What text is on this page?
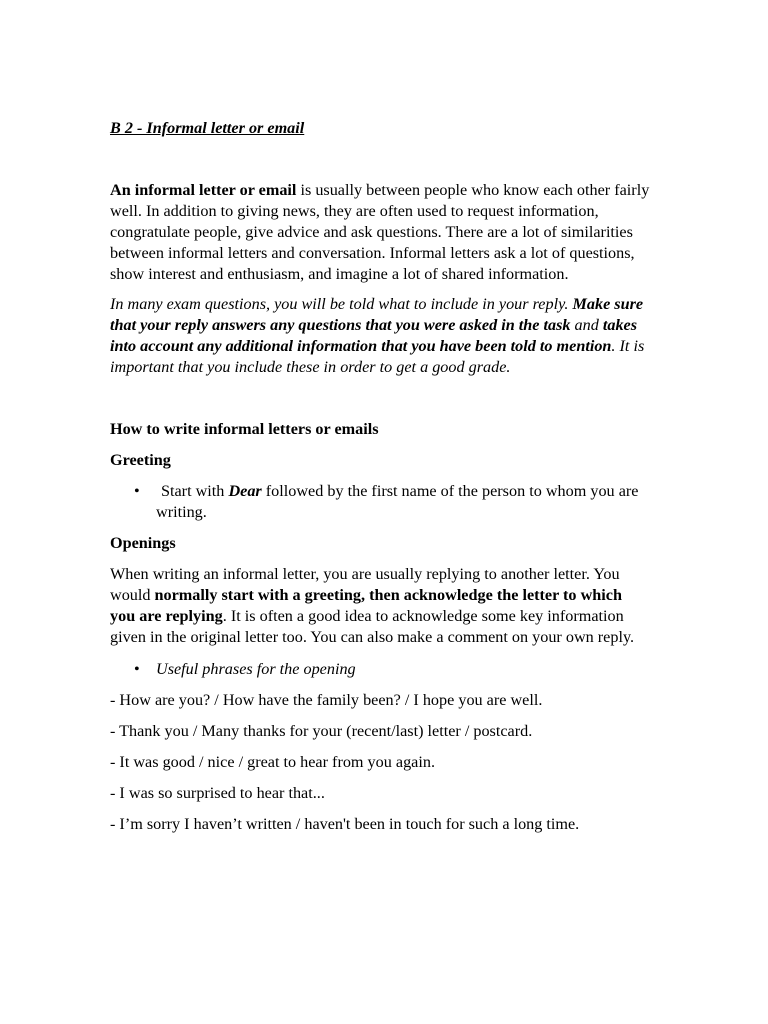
B 2 - Informal letter or email

An informal letter or email is usually between people who know each other fairly well. In addition to giving news, they are often used to request information, congratulate people, give advice and ask questions. There are a lot of similarities between informal letters and conversation. Informal letters ask a lot of questions, show interest and enthusiasm, and imagine a lot of shared information.

In many exam questions, you will be told what to include in your reply. Make sure that your reply answers any questions that you were asked in the task and takes into account any additional information that you have been told to mention. It is important that you include these in order to get a good grade.

How to write informal letters or emails
Greeting
• Start with Dear followed by the first name of the person to whom you are writing.
Openings

When writing an informal letter, you are usually replying to another letter. You would normally start with a greeting, then acknowledge the letter to which you are replying. It is often a good idea to acknowledge some key information given in the original letter too. You can also make a comment on your own reply.

• Useful phrases for the opening

- How are you? / How have the family been? / I hope you are well.

- Thank you / Many thanks for your (recent/last) letter / postcard.

- It was good / nice / great to hear from you again.

- I was so surprised to hear that...

- I’m sorry I haven’t written / haven't been in touch for such a long time.
